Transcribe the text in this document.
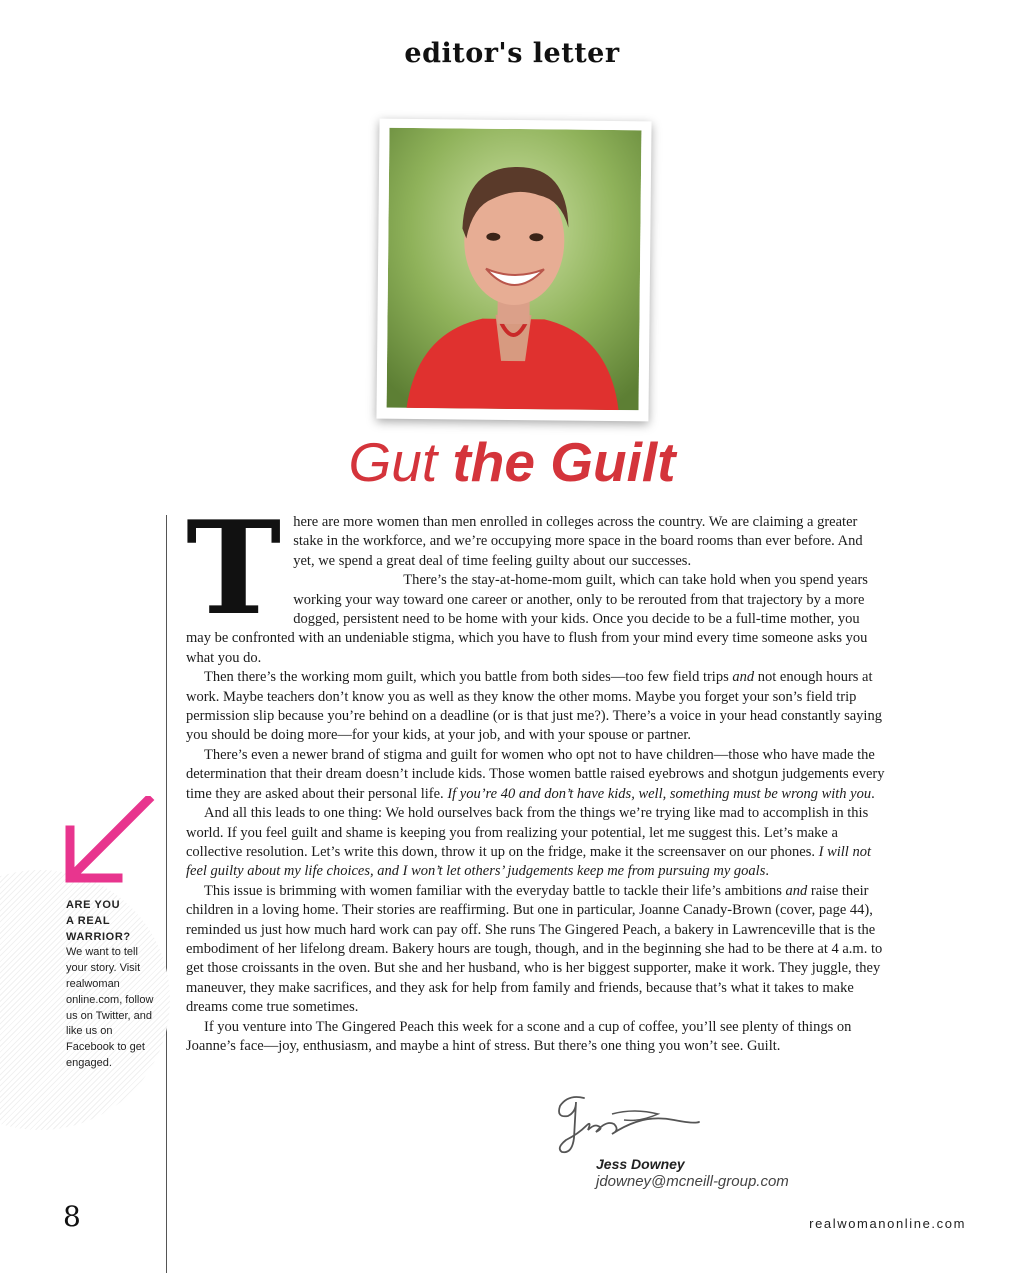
editor's letter
Gut the Guilt

There are more women than men enrolled in colleges across the country. We are claiming a greater stake in the workforce, and we’re occupying more space in the board rooms than ever before. And yet, we spend a great deal of time feeling guilty about our successes.

There’s the stay-at-home-mom guilt, which can take hold when you spend years working your way toward one career or another, only to be rerouted from that trajectory by a more dogged, persistent need to be home with your kids. Once you decide to be a full-time mother, you may be confronted with an undeniable stigma, which you have to flush from your mind every time someone asks you what you do.

Then there’s the working mom guilt, which you battle from both sides—too few field trips and not enough hours at work. Maybe teachers don’t know you as well as they know the other moms. Maybe you forget your son’s field trip permission slip because you’re behind on a deadline (or is that just me?). There’s a voice in your head constantly saying you should be doing more—for your kids, at your job, and with your spouse or partner.

There’s even a newer brand of stigma and guilt for women who opt not to have children—those who have made the determination that their dream doesn’t include kids. Those women battle raised eyebrows and shotgun judgements every time they are asked about their personal life. If you’re 40 and don’t have kids, well, something must be wrong with you.

And all this leads to one thing: We hold ourselves back from the things we’re trying like mad to accomplish in this world. If you feel guilt and shame is keeping you from realizing your potential, let me suggest this. Let’s make a collective resolution. Let’s write this down, throw it up on the fridge, make it the screensaver on our phones. I will not feel guilty about my life choices, and I won’t let others’ judgements keep me from pursuing my goals.

This issue is brimming with women familiar with the everyday battle to tackle their life’s ambitions and raise their children in a loving home. Their stories are reaffirming. But one in particular, Joanne Canady-Brown (cover, page 44), reminded us just how much hard work can pay off. She runs The Gingered Peach, a bakery in Lawrenceville that is the embodiment of her lifelong dream. Bakery hours are tough, though, and in the beginning she had to be there at 4 a.m. to get those croissants in the oven. But she and her husband, who is her biggest supporter, make it work. They juggle, they maneuver, they make sacrifices, and they ask for help from family and friends, because that’s what it takes to make dreams come true sometimes.

If you venture into The Gingered Peach this week for a scone and a cup of coffee, you’ll see plenty of things on Joanne’s face—joy, enthusiasm, and maybe a hint of stress. But there’s one thing you won’t see. Guilt.

ARE YOU
A REAL
WARRIOR?
We want to tell your story. Visit realwoman online.com, follow us on Twitter, and like us on Facebook to get engaged.
Jess Downey
jdowney@mcneill-group.com
8	realwomanonline.com
